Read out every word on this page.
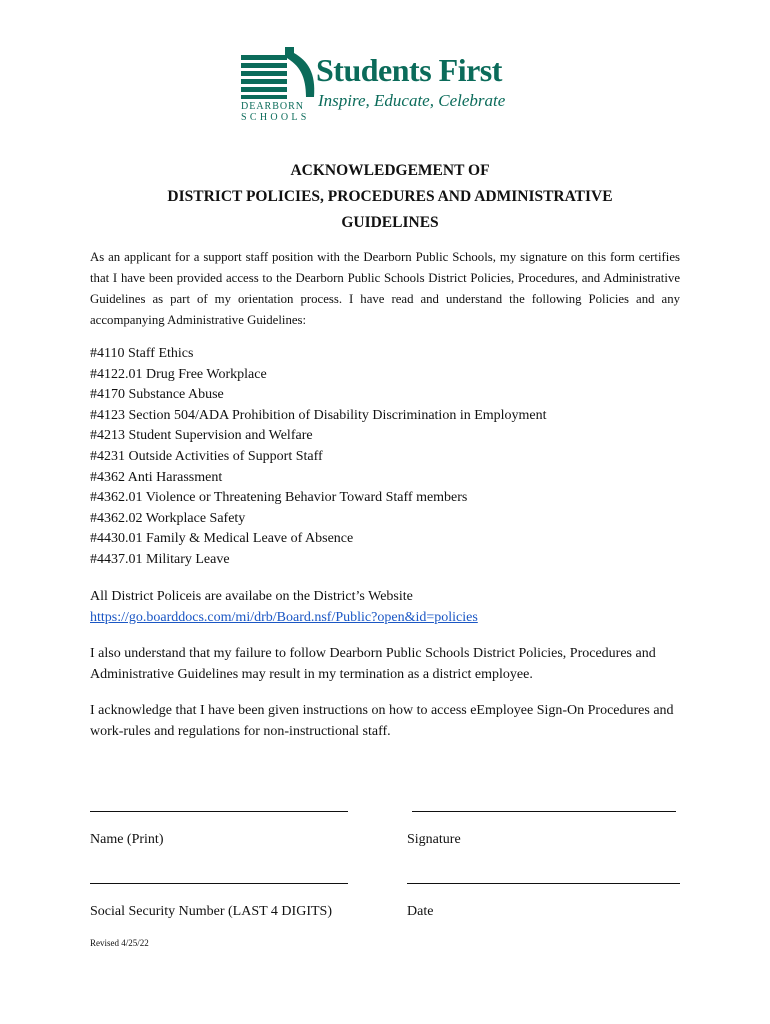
Students First
Inspire, Educate, Celebrate
DEARBORN
SCHOOLS

ACKNOWLEDGEMENT OF

DISTRICT POLICIES, PROCEDURES AND ADMINISTRATIVE

GUIDELINES

As an applicant for a support staff position with the Dearborn Public Schools, my signature on this form certifies that I have been provided access to the Dearborn Public Schools District Policies, Procedures, and Administrative Guidelines as part of my orientation process. I have read and understand the following Policies and any accompanying Administrative Guidelines:

#4110 Staff Ethics
#4122.01 Drug Free Workplace
#4170 Substance Abuse
#4123 Section 504/ADA Prohibition of Disability Discrimination in Employment
#4213 Student Supervision and Welfare
#4231 Outside Activities of Support Staff
#4362 Anti Harassment
#4362.01 Violence or Threatening Behavior Toward Staff members
#4362.02 Workplace Safety
#4430.01 Family & Medical Leave of Absence
#4437.01 Military Leave

All District Policeis are availabe on the District’s Website

https://go.boarddocs.com/mi/drb/Board.nsf/Public?open&id=policies

I also understand that my failure to follow Dearborn Public Schools District Policies, Procedures and Administrative Guidelines may result in my termination as a district employee.

I acknowledge that I have been given instructions on how to access eEmployee Sign-On Procedures and work-rules and regulations for non-instructional staff.

Name (Print)	Signature

Social Security Number (LAST 4 DIGITS)	Date

Revised 4/25/22
